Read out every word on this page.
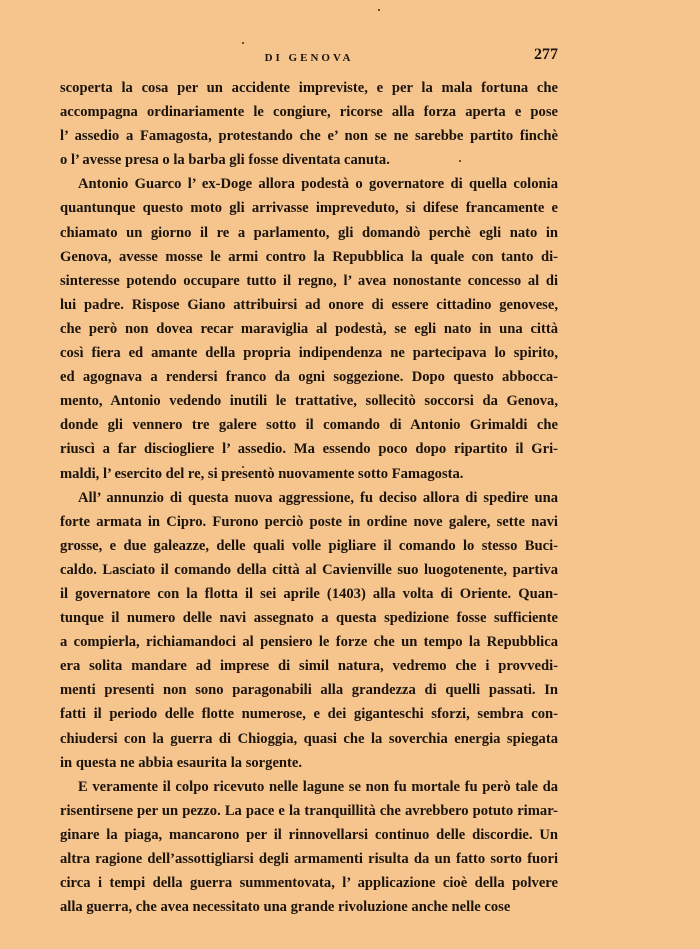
DI GENOVA	277

scoperta la cosa per un accidente impreviste, e per la mala fortuna che
accompagna ordinariamente le congiure, ricorse alla forza aperta e pose
l’ assedio a Famagosta, protestando che e’ non se ne sarebbe partito finchè
o l’ avesse presa o la barba gli fosse diventata canuta.

Antonio Guarco l’ ex-Doge allora podestà o governatore di quella colonia
quantunque questo moto gli arrivasse impreveduto, si difese francamente e
chiamato un giorno il re a parlamento, gli domandò perchè egli nato in
Genova, avesse mosse le armi contro la Repubblica la quale con tanto di-
sinteresse potendo occupare tutto il regno, l’ avea nonostante concesso al di
lui padre. Rispose Giano attribuirsi ad onore di essere cittadino genovese,
che però non dovea recar maraviglia al podestà, se egli nato in una città
così fiera ed amante della propria indipendenza ne partecipava lo spirito,
ed agognava a rendersi franco da ogni soggezione. Dopo questo abbocca-
mento, Antonio vedendo inutili le trattative, sollecitò soccorsi da Genova,
donde gli vennero tre galere sotto il comando di Antonio Grimaldi che
riuscì a far disciogliere l’ assedio. Ma essendo poco dopo ripartito il Gri-
maldi, l’ esercito del re, si presentò nuovamente sotto Famagosta.

All’ annunzio di questa nuova aggressione, fu deciso allora di spedire una
forte armata in Cipro. Furono perciò poste in ordine nove galere, sette navi
grosse, e due galeazze, delle quali volle pigliare il comando lo stesso Buci-
caldo. Lasciato il comando della città al Cavienville suo luogotenente, partiva
il governatore con la flotta il sei aprile (1403) alla volta di Oriente. Quan-
tunque il numero delle navi assegnato a questa spedizione fosse sufficiente
a compierla, richiamandoci al pensiero le forze che un tempo la Repubblica
era solita mandare ad imprese di simil natura, vedremo che i provvedi-
menti presenti non sono paragonabili alla grandezza di quelli passati. In
fatti il periodo delle flotte numerose, e dei giganteschi sforzi, sembra con-
chiudersi con la guerra di Chioggia, quasi che la soverchia energia spiegata
in questa ne abbia esaurita la sorgente.

E veramente il colpo ricevuto nelle lagune se non fu mortale fu però tale da
risentirsene per un pezzo. La pace e la tranquillità che avrebbero potuto rimar-
ginare la piaga, mancarono per il rinnovellarsi continuo delle discordie. Un
altra ragione dell’assottigliarsi degli armamenti risulta da un fatto sorto fuori
circa i tempi della guerra summentovata, l’ applicazione cioè della polvere
alla guerra, che avea necessitato una grande rivoluzione anche nelle cose
